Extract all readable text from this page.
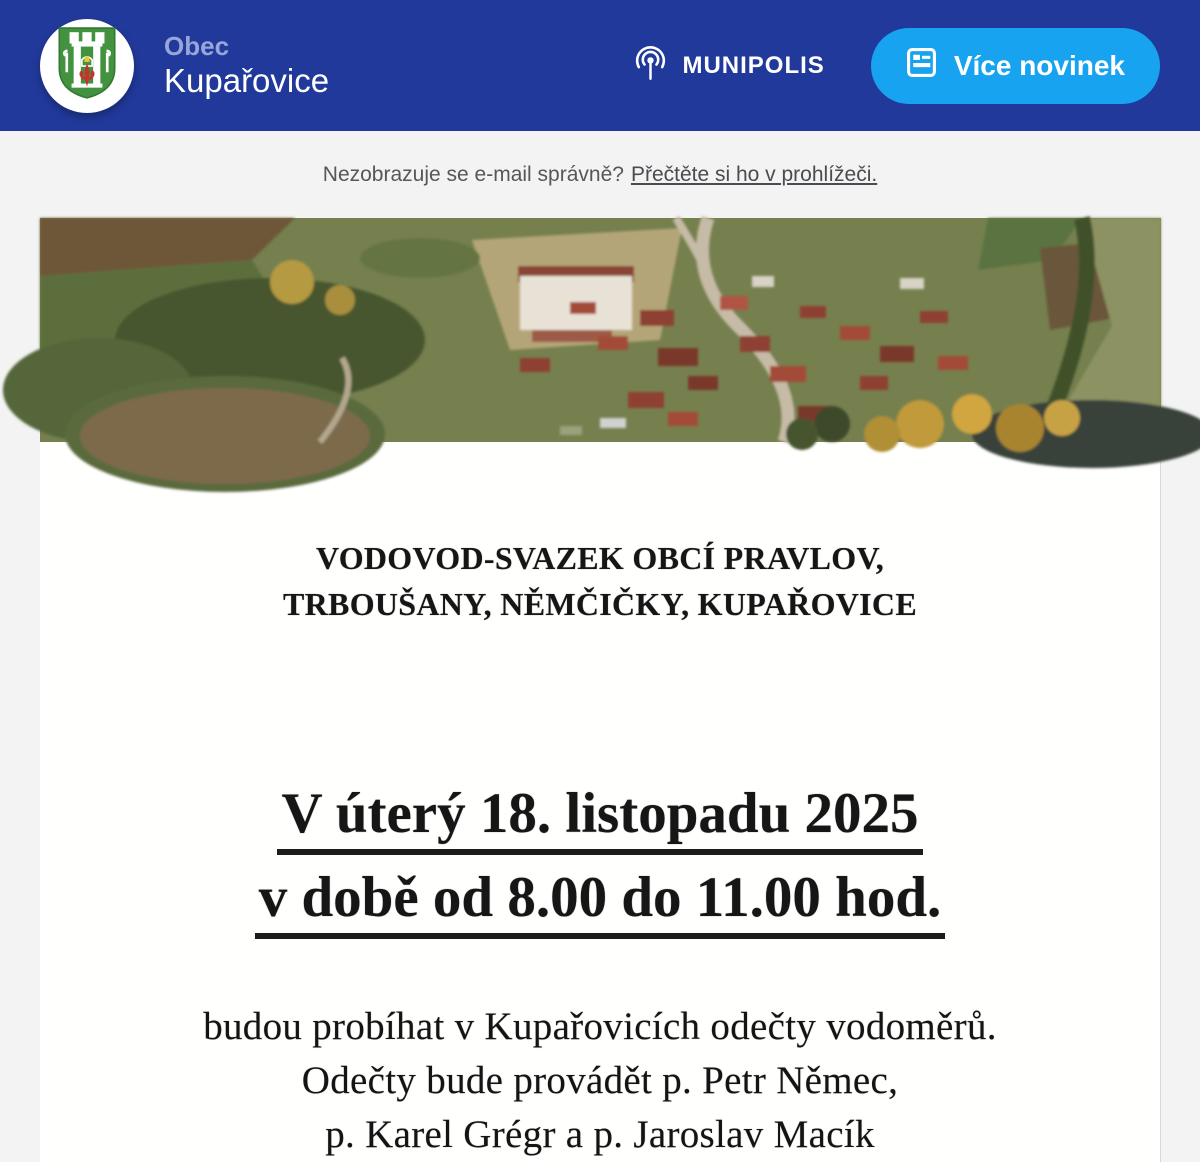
Obec
Kupařovice	MUNIPOLIS	Více novinek
Nezobrazuje se e-mail správně? Přečtěte si ho v prohlížeči.
VODOVOD-SVAZEK OBCÍ PRAVLOV,
TRBOUŠANY, NĚMČIČKY, KUPAŘOVICE
V úterý 18. listopadu 2025
v době od 8.00 do 11.00 hod.
budou probíhat v Kupařovicích odečty vodoměrů.
Odečty bude provádět p. Petr Němec,
p. Karel Grégr a p. Jaroslav Macík
